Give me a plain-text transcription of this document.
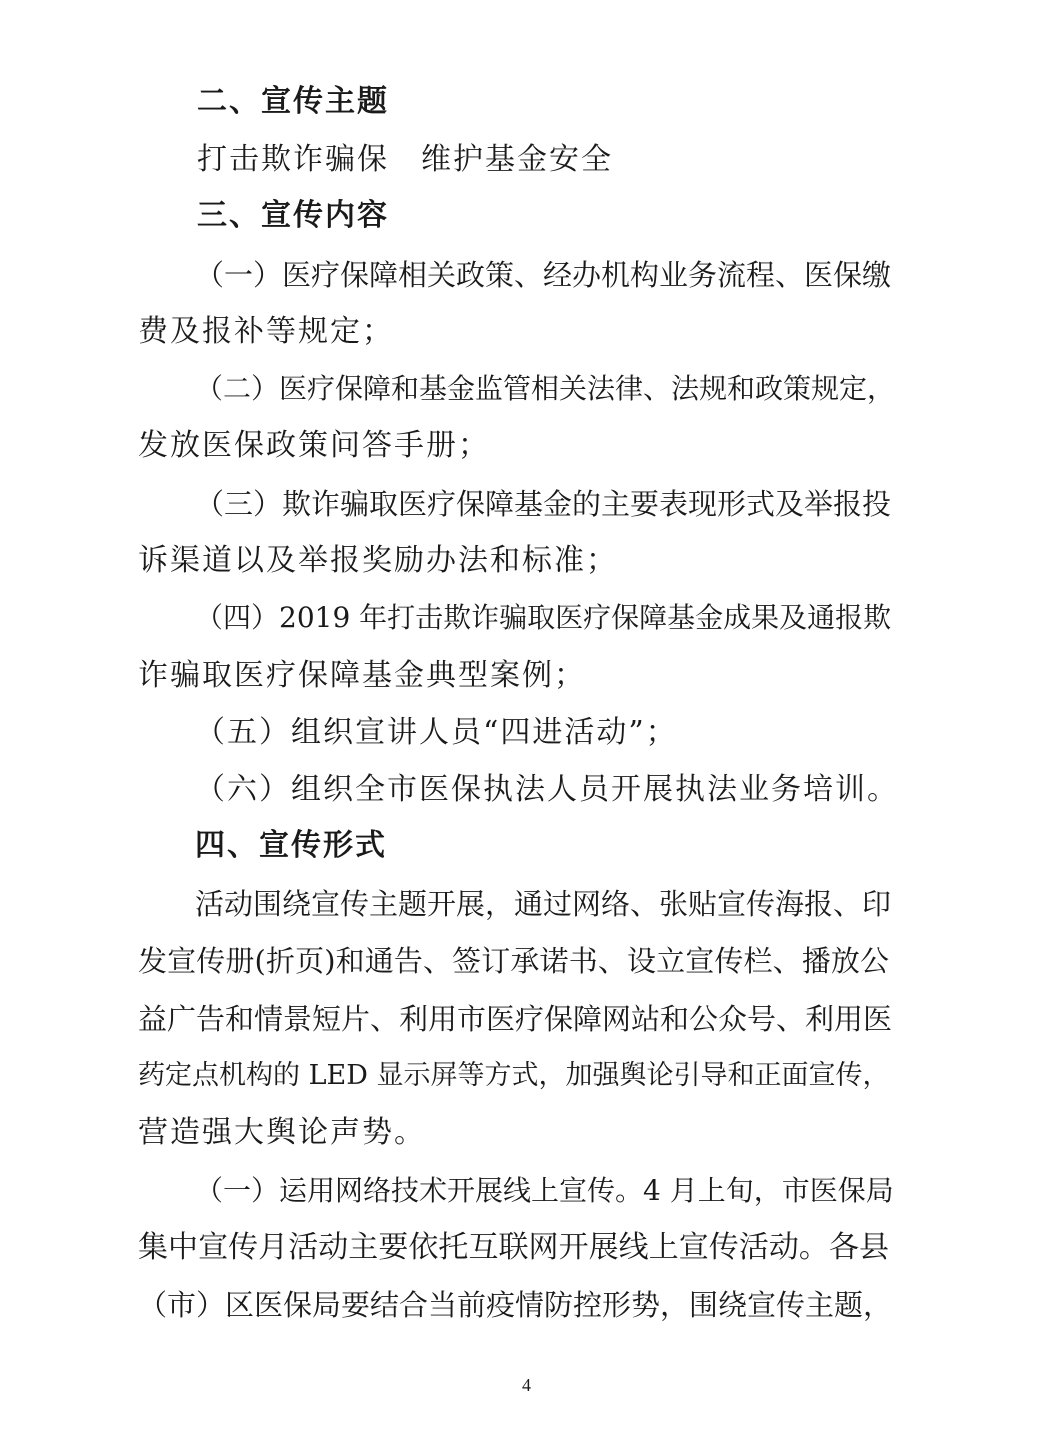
二、宣传主题
打击欺诈骗保　维护基金安全
三、宣传内容
（一）医疗保障相关政策、经办机构业务流程、医保缴
费及报补等规定；
（二）医疗保障和基金监管相关法律、法规和政策规定，
发放医保政策问答手册；
（三）欺诈骗取医疗保障基金的主要表现形式及举报投
诉渠道以及举报奖励办法和标准；
（四）2019 年打击欺诈骗取医疗保障基金成果及通报欺
诈骗取医疗保障基金典型案例；
（五）组织宣讲人员“四进活动”；
（六）组织全市医保执法人员开展执法业务培训。
四、宣传形式
活动围绕宣传主题开展，通过网络、张贴宣传海报、印
发宣传册(折页)和通告、签订承诺书、设立宣传栏、播放公
益广告和情景短片、利用市医疗保障网站和公众号、利用医
药定点机构的 LED 显示屏等方式，加强舆论引导和正面宣传，
营造强大舆论声势。
（一）运用网络技术开展线上宣传。4 月上旬，市医保局
集中宣传月活动主要依托互联网开展线上宣传活动。各县
（市）区医保局要结合当前疫情防控形势，围绕宣传主题，
4
